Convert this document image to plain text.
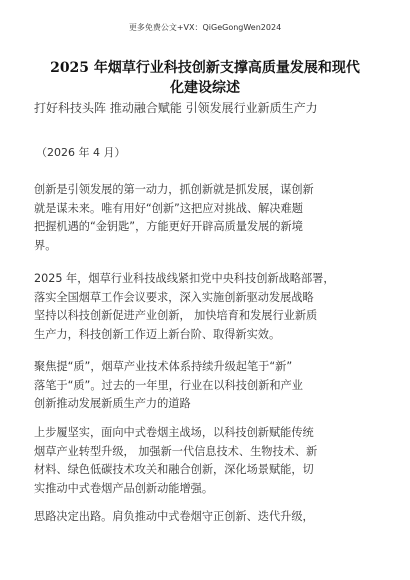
更多免费公文+VX：QiGeGongWen2024
2025 年烟草行业科技创新支撑高质量发展和现代
化建设综述
打好科技头阵 推动融合赋能 引领发展行业新质生产力
（2026 年 4 月）
创新是引领发展的第一动力，抓创新就是抓发展，谋创新
就是谋未来。唯有用好“创新”这把应对挑战、解决难题
把握机遇的“金钥匙”，方能更好开辟高质量发展的新境
界。
2025 年，烟草行业科技战线紧扣党中央科技创新战略部署，
落实全国烟草工作会议要求，深入实施创新驱动发展战略
坚持以科技创新促进产业创新， 加快培育和发展行业新质
生产力，科技创新工作迈上新台阶、取得新实效。
聚焦提“质”，烟草产业技术体系持续升级起笔于“新”
落笔于“质”。过去的一年里，行业在以科技创新和产业
创新推动发展新质生产力的道路
上步履坚实，面向中式卷烟主战场，以科技创新赋能传统
烟草产业转型升级， 加强新一代信息技术、生物技术、新
材料、绿色低碳技术攻关和融合创新，深化场景赋能，切
实推动中式卷烟产品创新动能增强。
思路决定出路。肩负推动中式卷烟守正创新、迭代升级，
